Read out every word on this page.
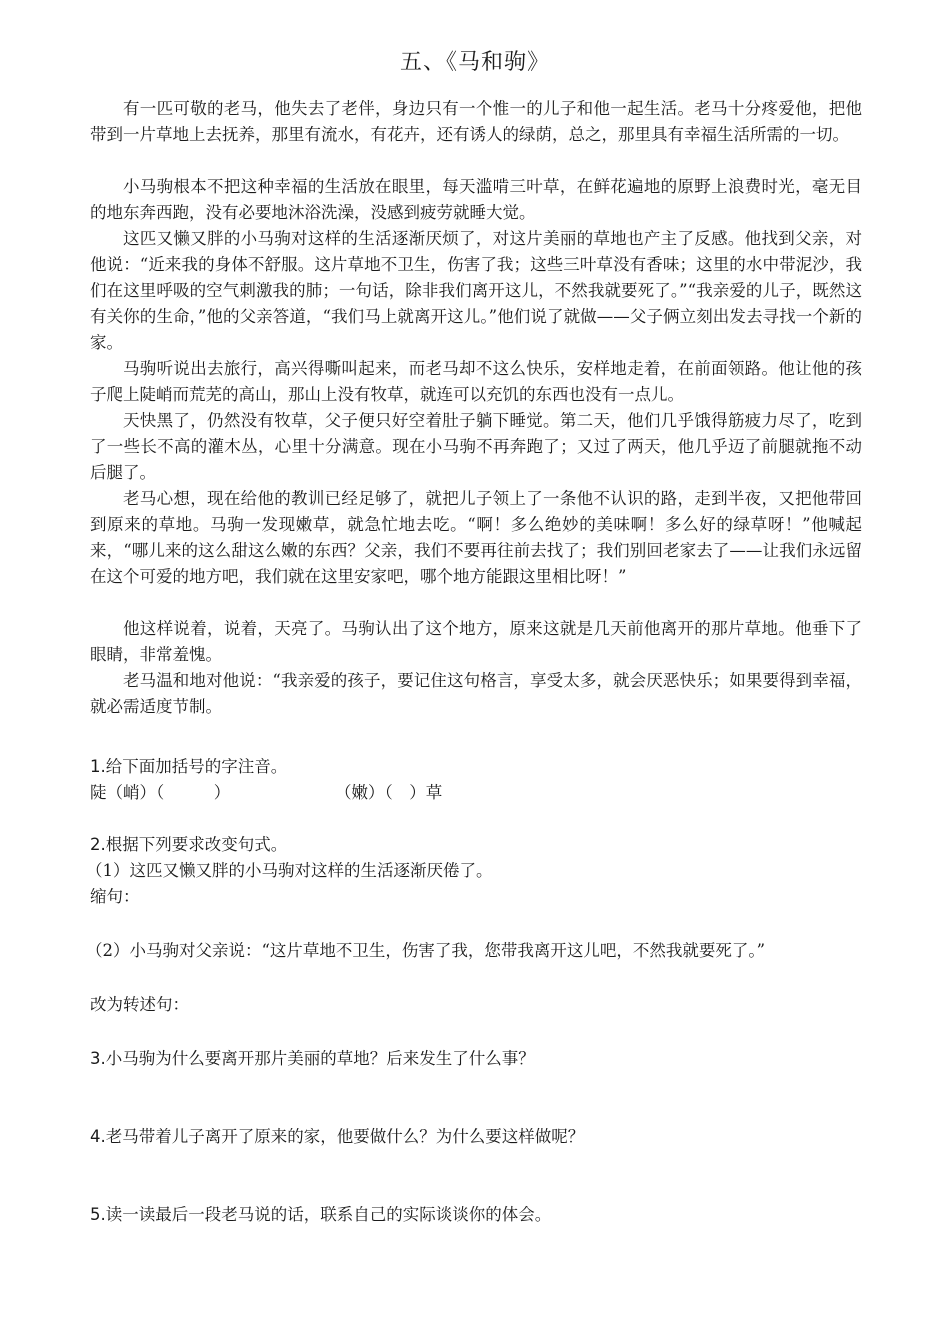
五、《马和驹》

有一匹可敬的老马，他失去了老伴，身边只有一个惟一的儿子和他一起生活。老马十分疼爱他，把他带到一片草地上去抚养，那里有流水，有花卉，还有诱人的绿荫，总之，那里具有幸福生活所需的一切。

小马驹根本不把这种幸福的生活放在眼里，每天滥啃三叶草，在鲜花遍地的原野上浪费时光，毫无目的地东奔西跑，没有必要地沐浴洗澡，没感到疲劳就睡大觉。

这匹又懒又胖的小马驹对这样的生活逐渐厌烦了，对这片美丽的草地也产主了反感。他找到父亲，对他说：“近来我的身体不舒服。这片草地不卫生，伤害了我；这些三叶草没有香味；这里的水中带泥沙，我们在这里呼吸的空气刺激我的肺；一句话，除非我们离开这儿，不然我就要死了。”“我亲爱的儿子，既然这有关你的生命，”他的父亲答道，“我们马上就离开这儿。”他们说了就做——父子俩立刻出发去寻找一个新的家。

马驹听说出去旅行，高兴得嘶叫起来，而老马却不这么快乐，安样地走着，在前面领路。他让他的孩子爬上陡峭而荒芜的高山，那山上没有牧草，就连可以充饥的东西也没有一点儿。

天快黑了，仍然没有牧草，父子便只好空着肚子躺下睡觉。第二天，他们几乎饿得筋疲力尽了，吃到了一些长不高的灌木丛，心里十分满意。现在小马驹不再奔跑了；又过了两天，他几乎迈了前腿就拖不动后腿了。

老马心想，现在给他的教训已经足够了，就把儿子领上了一条他不认识的路，走到半夜，又把他带回到原来的草地。马驹一发现嫩草，就急忙地去吃。“啊！多么绝妙的美味啊！多么好的绿草呀！”他喊起来，“哪儿来的这么甜这么嫩的东西？父亲，我们不要再往前去找了；我们别回老家去了——让我们永远留在这个可爱的地方吧，我们就在这里安家吧，哪个地方能跟这里相比呀！”

他这样说着，说着，天亮了。马驹认出了这个地方，原来这就是几天前他离开的那片草地。他垂下了眼睛，非常羞愧。

老马温和地对他说：“我亲爱的孩子，要记住这句格言，享受太多，就会厌恶快乐；如果要得到幸福，就必需适度节制。

1.给下面加括号的字注音。

陡（峭）（　　　）	（嫩）（　）草

2.根据下列要求改变句式。

（1）这匹又懒又胖的小马驹对这样的生活逐渐厌倦了。

缩句：

（2）小马驹对父亲说：“这片草地不卫生，伤害了我，您带我离开这儿吧，不然我就要死了。”

改为转述句：

3.小马驹为什么要离开那片美丽的草地？后来发生了什么事？

4.老马带着儿子离开了原来的家，他要做什么？为什么要这样做呢？

5.读一读最后一段老马说的话，联系自己的实际谈谈你的体会。
